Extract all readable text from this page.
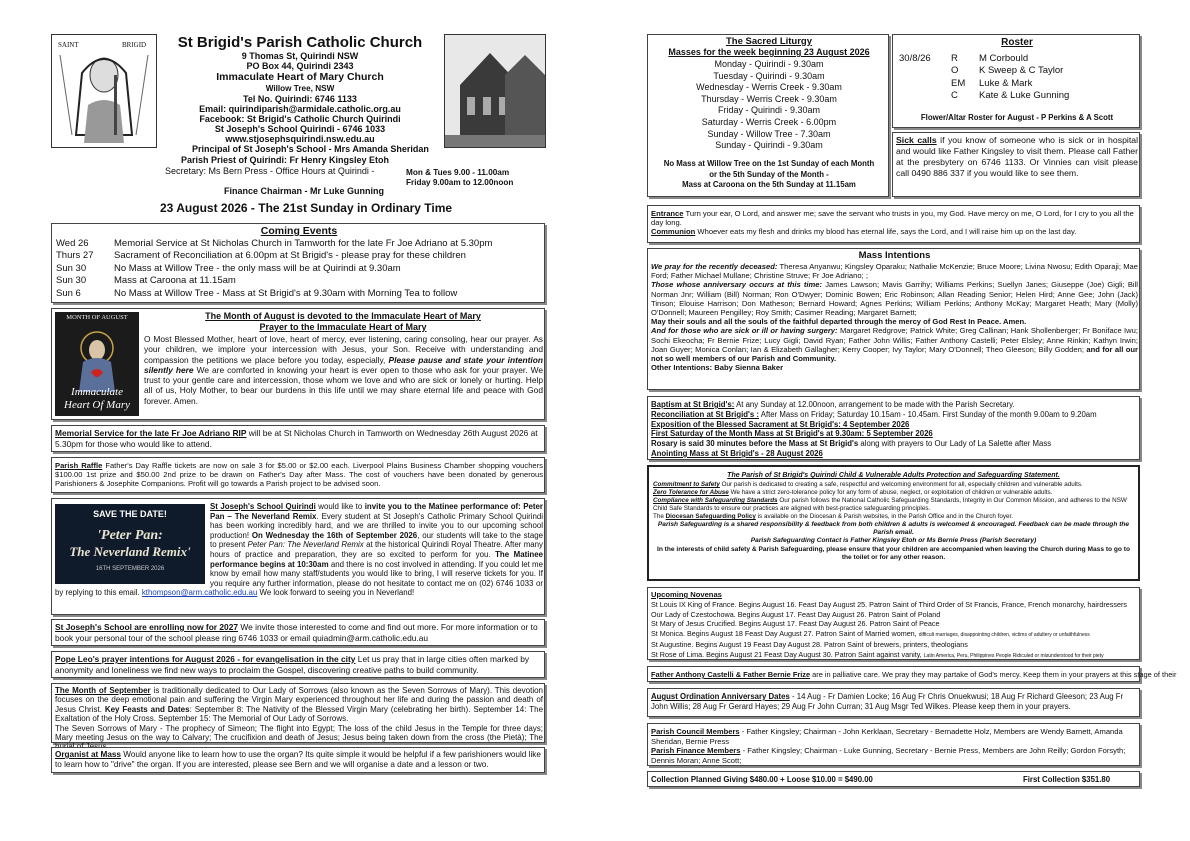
SAINT	BRIGID	St Brigid's Parish Catholic Church
9 Thomas St, Quirindi NSW
PO Box 44, Quirindi 2343
Immaculate Heart of Mary Church
Willow Tree, NSW
Tel No. Quirindi: 6746 1133
Email: quirindiparish@armidale.catholic.org.au
Facebook: St Brigid's Catholic Church Quirindi
St Joseph's School Quirindi - 6746 1033
www.stjosephsquirindi.nsw.edu.au
Principal of St Joseph's School - Mrs Amanda Sheridan
Parish Priest of Quirindi: Fr Henry Kingsley Etoh
Secretary: Ms Bern Press - Office Hours at Quirindi -	Mon & Tues 9.00 - 11.00am
Friday 9.00am to 12.00noon
Finance Chairman - Mr Luke Gunning
23 August 2026 - The 21st Sunday in Ordinary Time
Coming Events
Wed 26	Memorial Service at St Nicholas Church in Tamworth for the late Fr Joe Adriano at 5.30pm
Thurs 27	Sacrament of Reconciliation at 6.00pm at St Brigid's - please pray for these children
Sun 30	No Mass at Willow Tree - the only mass will be at Quirindi at 9.30am
Sun 30	Mass at Caroona at 11.15am
Sun 6	No Mass at Willow Tree - Mass at St Brigid's at 9.30am with Morning Tea to follow
MONTH OF AUGUST
Immaculate
Heart Of Mary
The Month of August is devoted to the Immaculate Heart of Mary
Prayer to the Immaculate Heart of Mary
O Most Blessed Mother, heart of love, heart of mercy, ever listening, caring consoling, hear our prayer. As your children, we implore your intercession with Jesus, your Son. Receive with understanding and compassion the petitions we place before you today, especially, Please pause and state your intention silently here We are comforted in knowing your heart is ever open to those who ask for your prayer. We trust to your gentle care and intercession, those whom we love and who are sick or lonely or hurting. Help all of us, Holy Mother, to bear our burdens in this life until we may share eternal life and peace with God forever. Amen.
Memorial Service for the late Fr Joe Adriano RIP will be at St Nicholas Church in Tamworth on Wednesday 26th August 2026 at 5.30pm for those who would like to attend.
Parish Raffle Father's Day Raffle tickets are now on sale 3 for $5.00 or $2.00 each. Liverpool Plains Business Chamber shopping vouchers $100.00 1st prize and $50.00 2nd prize to be drawn on Father's Day after Mass. The cost of vouchers have been donated by generous Parishioners & Josephite Companions. Profit will go towards a Parish project to be advised soon.
SAVE THE DATE!
'Peter Pan:
The Neverland Remix'
16TH SEPTEMBER 2026
St Joseph's School Quirindi would like to invite you to the Matinee performance of: Peter Pan – The Neverland Remix. Every student at St Joseph's Catholic Primary School Quirindi has been working incredibly hard, and we are thrilled to invite you to our upcoming school production! On Wednesday the 16th of September 2026, our students will take to the stage to present Peter Pan: The Neverland Remix at the historical Quirindi Royal Theatre. After many hours of practice and preparation, they are so excited to perform for you. The Matinee performance begins at 10:30am and there is no cost involved in attending. If you could let me know by email how many staff/students you would like to bring, I will reserve tickets for you. If you require any further information, please do not hesitate to contact me on (02) 6746 1033 or by replying to this email. kthompson@arm.catholic.edu.au We look forward to seeing you in Neverland!
St Joseph's School are enrolling now for 2027 We invite those interested to come and find out more. For more information or to book your personal tour of the school please ring 6746 1033 or email quiadmin@arm.catholic.edu.au
Pope Leo's prayer intentions for August 2026 - for evangelisation in the city Let us pray that in large cities often marked by anonymity and loneliness we find new ways to proclaim the Gospel, discovering creative paths to build community.
The Month of September is traditionally dedicated to Our Lady of Sorrows (also known as the Seven Sorrows of Mary). This devotion focuses on the deep emotional pain and suffering the Virgin Mary experienced throughout her life and during the passion and death of Jesus Christ. Key Feasts and Dates: September 8: The Nativity of the Blessed Virgin Mary (celebrating her birth). September 14: The Exaltation of the Holy Cross. September 15: The Memorial of Our Lady of Sorrows.
The Seven Sorrows of Mary - The prophecy of Simeon; The flight into Egypt; The loss of the child Jesus in the Temple for three days; Mary meeting Jesus on the way to Calvary; The crucifixion and death of Jesus; Jesus being taken down from the cross (the Pietà); The
Organist at Mass Would anyone like to learn how to use the organ? Its quite simple it would be helpful if a few parishioners would like to learn how to "drive" the organ. If you are interested, please see Bern and we will organise a date and a lesson or two.
The Sacred Liturgy
Masses for the week beginning 23 August 2026
Monday - Quirindi - 9.30am
Tuesday - Quirindi - 9.30am
Wednesday - Werris Creek - 9.30am
Thursday - Werris Creek - 9.30am
Friday - Quirindi - 9.30am
Saturday - Werris Creek - 6.00pm
Sunday - Willow Tree - 7.30am
Sunday - Quirindi - 9.30am
No Mass at Willow Tree on the 1st Sunday of each Month
or the 5th Sunday of the Month -
Mass at Caroona on the 5th Sunday at 11.15am
Roster
30/8/26 R	M Corbould
O	K Sweep & C Taylor
EM	Luke & Mark
C	Kate & Luke Gunning
Flower/Altar Roster for August - P Perkins & A Scott
Sick calls if you know of someone who is sick or in hospital and would like Father Kingsley to visit them. Please call Father at the presbytery on 6746 1133. Or Vinnies can visit please call 0490 886 337 if you would like to see them.
Entrance Turn your ear, O Lord, and answer me; save the servant who trusts in you, my God. Have mercy on me, O Lord, for I cry to you all the day long.
Communion Whoever eats my flesh and drinks my blood has eternal life, says the Lord, and I will raise him up on the last day.
Mass Intentions
We pray for the recently deceased: Theresa Anyanwu; Kingsley Oparaku; Nathalie McKenzie; Bruce Moore; Livina Nwosu; Edith Oparaji; Mae Ford; Father Michael Mullane; Christine Struve; Fr Joe Adriano; ;
Those whose anniversary occurs at this time: James Lawson; Mavis Garrihy; Williams Perkins; Suellyn Janes; Giuseppe (Joe) Gigli; Bill Norman Jnr; William (Bill) Norman; Ron O'Dwyer; Dominic Bowen; Eric Robinson; Allan Reading Senior; Helen Hird; Anne Gee; John (Jack) Tinson; Elouise Harrison; Don Matheson; Bernard Howard; Agnes Perkins; William Perkins; Anthony McKay; Margaret Heath; Mary (Molly) O'Donnell; Maureen Pengilley; Roy Smith; Casimer Reading; Margaret Barnett;
May their souls and all the souls of the faithful departed through the mercy of God Rest In Peace. Amen.
And for those who are sick or ill or having surgery: Margaret Redgrove; Patrick White; Greg Callinan; Hank Shollenberger; Fr Boniface Iwu; Sochi Ekeocha; Fr Bernie Frize; Lucy Gigli; David Ryan; Father John Willis; Father Anthony Castelli; Peter Elsley; Anne Rinkin; Kathyn Irwin; Joan Guyer; Monica Conlan; Ian & Elizabeth Gallagher; Kerry Cooper; Ivy Taylor; Mary O'Donnell; Theo Gleeson; Billy Godden; and for all our not so well members of our Parish and Community.
Other Intentions: Baby Sienna Baker
Baptism at St Brigid's: At any Sunday at 12.00noon, arrangement to be made with the Parish Secretary.
Reconciliation at St Brigid's : After Mass on Friday; Saturday 10.15am - 10.45am. First Sunday of the month 9.00am to 9.20am
Exposition of the Blessed Sacrament at St Brigid's: 4 September 2026
First Saturday of the Month Mass at St Brigid's at 9.30am: 5 September 2026
Rosary is said 30 minutes before the Mass at St Brigid's along with prayers to Our Lady of La Salette after Mass
Anointing Mass at St Brigid's - 28 August 2026
The Parish of St Brigid's Quirindi Child & Vulnerable Adults Protection and Safeguarding Statement.
Commitment to Safety Our parish is dedicated to creating a safe, respectful and welcoming environment for all, especially children and vulnerable adults.
Zero Tolerance for Abuse We have a strict zero-tolerance policy for any form of abuse, neglect, or exploitation of children or vulnerable adults.
Compliance with Safeguarding Standards Our parish follows the National Catholic Safeguarding Standards, Integrity in Our Common Mission, and adheres to the NSW Child Safe Standards to ensure our practices are aligned with best-practice safeguarding principles.
The Diocesan Safeguarding Policy is available on the Diocesan & Parish websites, in the Parish Office and in the Church foyer.
Parish Safeguarding is a shared responsibility & feedback from both children & adults is welcomed & encouraged. Feedback can be made through the Parish email.
Parish Safeguarding Contact is Father Kingsley Etoh or Ms Bernie Press (Parish Secretary)
In the interests of child safety & Parish Safeguarding, please ensure that your children are accompanied when leaving the Church during Mass to go to the toilet or for any other reason.
Upcoming Novenas
St Louis IX King of France. Begins August 16. Feast Day August 25. Patron Saint of Third Order of St Francis, France, French monarchy, hairdressers
Our Lady of Czestochowa. Begins August 17. Feast Day August 26. Patron Saint of Poland
St Mary of Jesus Crucified. Begins August 17. Feast Day August 26. Patron Saint of Peace
St Monica. Begins August 18 Feast Day August 27. Patron Saint of Married women, difficult marriages, disappointing children, victims of adultery or unfaithfulness
St Augustine. Begins August 19 Feast Day August 28. Patron Saint of brewers, printers, theologians
St Rose of Lima. Begins August 21 Feast Day August 30. Patron Saint against vanity, Latin America, Peru, Philippines People Ridiculed or misunderstood for their piety
Father Anthony Castelli & Father Bernie Frize are in palliative care. We pray they may partake of God's mercy. Keep them in your prayers at this stage of their
August Ordination Anniversary Dates - 14 Aug - Fr Damien Locke; 16 Aug Fr Chris Onuekwusi; 18 Aug Fr Richard Gleeson; 23 Aug Fr John Willis; 28 Aug Fr Gerard Hayes; 29 Aug Fr John Curran; 31 Aug Msgr Ted Wilkes. Please keep them in your prayers.
Parish Council Members - Father Kingsley; Chairman - John Kerklaan, Secretary - Bernadette Holz, Members are Wendy Barnett, Amanda Sheridan, Bernie Press
Parish Finance Members - Father Kingsley; Chairman - Luke Gunning, Secretary - Bernie Press, Members are John Reilly; Gordon Forsyth; Dennis Moran; Anne Scott;
Collection Planned Giving $480.00 + Loose $10.00 = $490.00	First Collection $351.80
